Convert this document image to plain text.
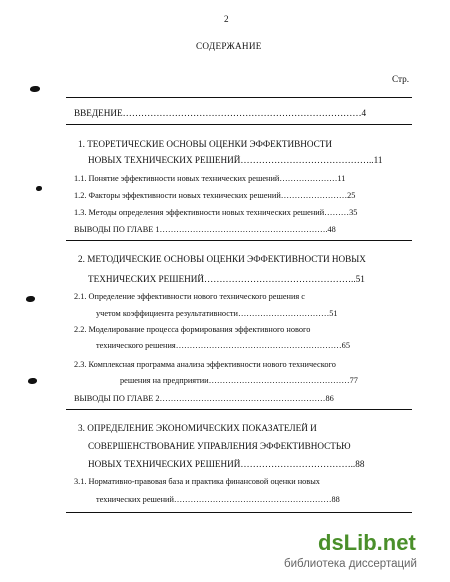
2
СОДЕРЖАНИЕ
Стр.
ВВЕДЕНИЕ……………………………………………………………………4
1. ТЕОРЕТИЧЕСКИЕ ОСНОВЫ ОЦЕНКИ ЭФФЕКТИВНОСТИ
НОВЫХ ТЕХНИЧЕСКИХ РЕШЕНИЙ……………………………………..11
1.1. Понятие эффективности новых технических решений…………………11
1.2. Факторы эффективности новых технических решений……………………25
1.3. Методы определения эффективности новых технических решений………35
ВЫВОДЫ ПО ГЛАВЕ 1…………………………………………………….48
2. МЕТОДИЧЕСКИЕ ОСНОВЫ ОЦЕНКИ ЭФФЕКТИВНОСТИ НОВЫХ
ТЕХНИЧЕСКИХ РЕШЕНИЙ…………………………………………..51
2.1. Определение эффективности нового технического решения с
учетом коэффициента результативности……………………………51
2.2. Моделирование процесса формирования эффективного нового
технического решения……………………………………………………65
2.3. Комплексная программа анализа эффективности нового технического
решения на предприятии……………………………………………77
ВЫВОДЫ ПО ГЛАВЕ 2……………………………………………………86
3. ОПРЕДЕЛЕНИЕ ЭКОНОМИЧЕСКИХ ПОКАЗАТЕЛЕЙ И
СОВЕРШЕНСТВОВАНИЕ УПРАВЛЕНИЯ ЭФФЕКТИВНОСТЬЮ
НОВЫХ ТЕХНИЧЕСКИХ РЕШЕНИЙ………………………………..88
3.1. Нормативно-правовая база и практика финансовой оценки новых
технических решений…………………………………………………88
dsLib.net
библиотека диссертаций
